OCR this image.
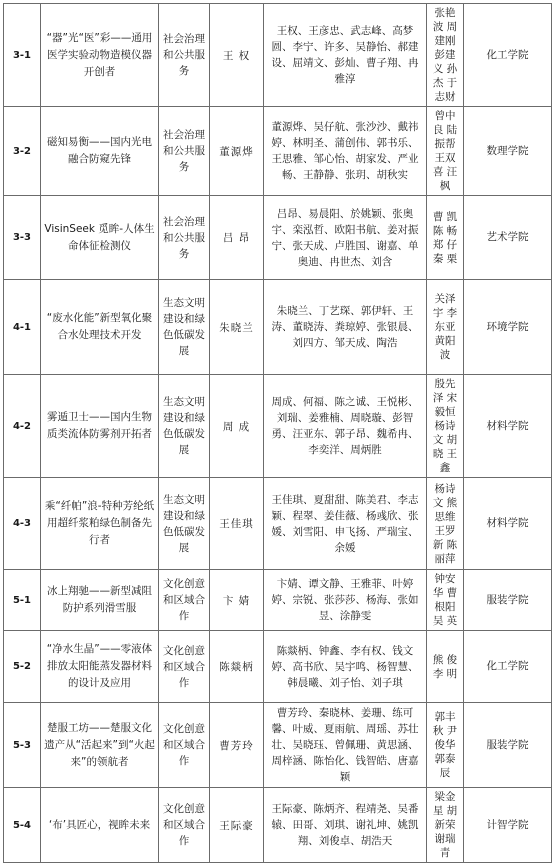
3-1	“器”光“医”彩——通用医学实验动物造模仪器开创者	社会治理和公共服务	王 权	王权、王彦忠、武志峰、高梦圆、李宁、许多、吴静怡、郝建设、屈靖文、彭灿、曹子翔、冉雅淳	张艳波 周建刚 彭建义 孙 杰 于志财	化工学院
3-2	磁知易衡——国内光电融合防窥先锋	社会治理和公共服务	董源烨	董源烨、吴仔航、张沙沙、戴祎婷、林明圣、蒲创伟、郭书乐、王思雅、邹心怡、胡家发、严业畅、王静静、张玥、胡秋实	曾中良 陆振帮 王双喜 汪 枫	数理学院
3-3	VisinSeek 觅眸-人体生命体征检测仪	社会治理和公共服务	吕 昂	吕昂、易晨阳、於姚颖、张奥宇、栾泓哲、欧阳书航、姜对振宁、张天成、卢胜国、谢嘉、单奥迪、冉世杰、刘含	曹 凯 陈 畅 郑 仔 秦 栗	艺术学院
4-1	“废水化能”新型氧化聚合水处理技术开发	生态文明建设和绿色低碳发展	朱晓兰	朱晓兰、丁艺琛、郭伊轩、王涛、董晓涛、粪琼婷、张银晨、刘四方、邹天成、陶浩	关泽宇 李东亚 黄阳波	环境学院
4-2	雾遁卫士——国内生物质类流体防雾剂开拓者	生态文明建设和绿色低碳发展	周 成	周成、何福、陈之诚、王悦彬、刘瑞、姜雅楠、周晓璇、彭智勇、汪亚东、郭子昂、魏希冉、李奕洋、周炳胜	殷先泽 宋毅恒 杨诗文 胡 晓 王 鑫	材料学院
4-3	乘“纤帕”浪-特种芳纶纸用超纤浆粕绿色制备先行者	生态文明建设和绿色低碳发展	王佳琪	王佳琪、夏甜甜、陈美君、李志颖、程翠、姜佳薇、杨彧欣、张媛、刘雪阳、申飞扬、严瑞宝、余媛	杨诗文 熊思维 王罗新 陈丽萍	材料学院
5-1	冰上翔驰——新型减阻防护系列滑雪服	文化创意和区域合作	卞 婧	卞婧、谭文静、王雅菲、叶婷婷、宗锐、张莎莎、杨海、张如昱、涂静雯	钟安华 曹根阳 吴 英	服装学院
5-2	“净水生晶”——零液体排放太阳能蒸发器材料的设计及应用	文化创意和区域合作	陈燚柄	陈燚柄、钟鑫、李有权、钱文婷、高书欣、吴宇鸣、杨智慧、韩晨曦、刘子怡、刘子琪	熊 俊 李 明	化工学院
5-3	楚服工坊——楚服文化遗产从“活起来”到“火起来”的领航者	文化创意和区域合作	曹芳玲	曹芳玲、秦晓林、姜珊、练可馨、叶威、夏雨航、周瑶、苏壮壮、吴晓珏、曾佩珊、黄思涵、周梓涵、陈怡化、钱智皓、唐嘉颖	郭丰秋 尹俊华 郭泰辰	服装学院
5-4	‘布’具匠心，视眸未来	文化创意和区域合作	王际豪	王际豪、陈炳齐、程靖尧、吴番辕、田哥、刘琪、谢礼坤、姚凯翔、刘俊卓、胡浩天	梁金星 胡新荣 谢瑞青	计智学院
